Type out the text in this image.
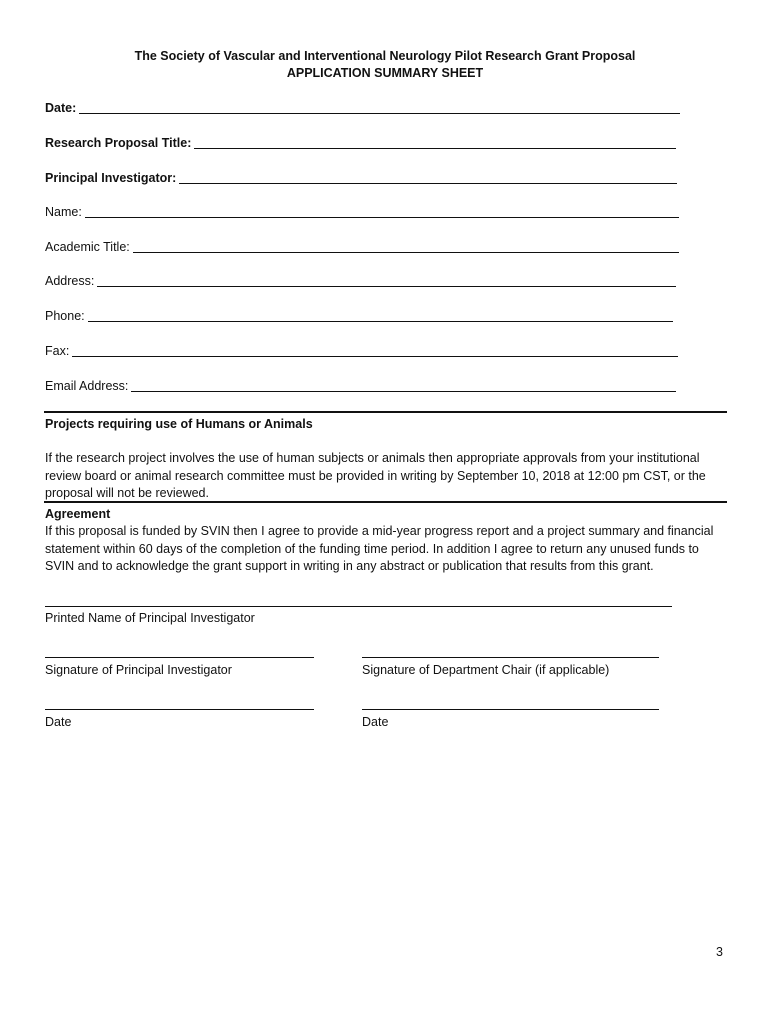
The Society of Vascular and Interventional Neurology Pilot Research Grant Proposal
APPLICATION SUMMARY SHEET
Date:
Research Proposal Title:
Principal Investigator:
Name:
Academic Title:
Address:
Phone:
Fax:
Email Address:
Projects requiring use of Humans or Animals
If the research project involves the use of human subjects or animals then appropriate approvals from your institutional
review board or animal research committee must be provided in writing by September 10, 2018 at 12:00 pm CST, or the
proposal will not be reviewed.
Agreement
If this proposal is funded by SVIN then I agree to provide a mid-year progress report and a project summary and financial
statement within 60 days of the completion of the funding time period. In addition I agree to return any unused funds to
SVIN and to acknowledge the grant support in writing in any abstract or publication that results from this grant.
Printed Name of Principal Investigator
Signature of Principal Investigator	Signature of Department Chair (if applicable)
Date	Date
3
